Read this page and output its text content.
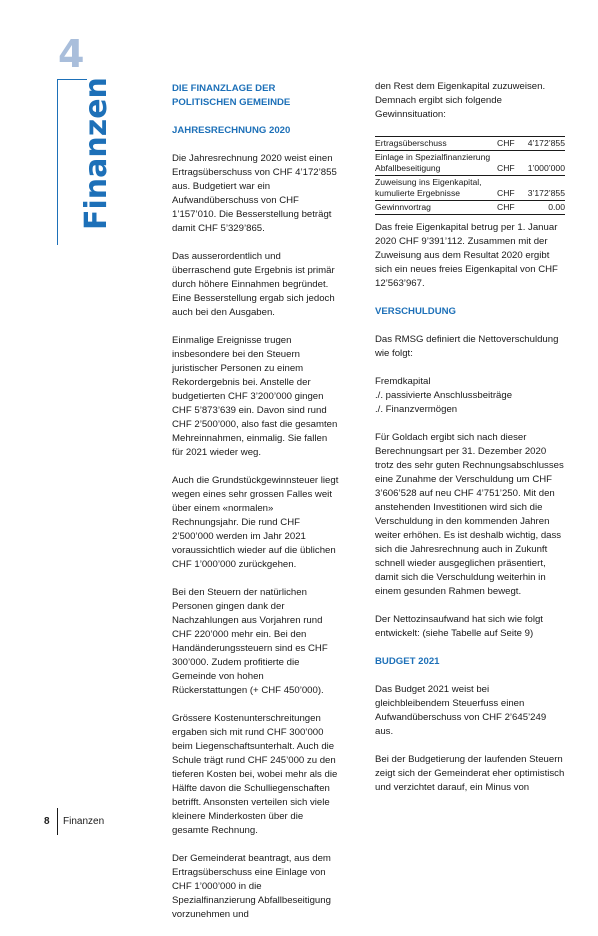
4
Finanzen	DIE FINANZLAGE DER POLITISCHEN GEMEINDE
JAHRESRECHNUNG 2020

Die Jahresrechnung 2020 weist einen Ertragsüberschuss von CHF 4’172’855 aus. Budgetiert war ein Aufwandüberschuss von CHF 1’157’010. Die Besserstellung beträgt damit CHF 5’329’865.

Das ausserordentlich und überraschend gute Ergebnis ist primär durch höhere Einnahmen begründet. Eine Besserstellung ergab sich jedoch auch bei den Ausgaben.

Einmalige Ereignisse trugen insbesondere bei den Steuern juristischer Personen zu einem Rekordergebnis bei. Anstelle der budgetierten CHF 3’200’000 gingen CHF 5’873’639 ein. Davon sind rund CHF 2’500’000, also fast die gesamten Mehreinnahmen, einmalig. Sie fallen für 2021 wieder weg.

Auch die Grundstückgewinnsteuer liegt wegen eines sehr grossen Falles weit über einem «normalen» Rechnungsjahr. Die rund CHF 2’500’000 werden im Jahr 2021 voraussichtlich wieder auf die üblichen CHF 1’000’000 zurückgehen.

Bei den Steuern der natürlichen Personen gingen dank der Nachzahlungen aus Vorjahren rund CHF 220’000 mehr ein. Bei den Handänderungssteuern sind es CHF 300’000. Zudem profitierte die Gemeinde von hohen Rückerstattungen (+ CHF 450’000).

Grössere Kostenunterschreitungen ergaben sich mit rund CHF 300’000 beim Liegenschaftsunterhalt. Auch die Schule trägt rund CHF 245’000 zu den tieferen Kosten bei, wobei mehr als die Hälfte davon die Schulliegenschaften betrifft. Ansonsten verteilen sich viele kleinere Minderkosten über die gesamte Rechnung.

Der Gemeinderat beantragt, aus dem Ertragsüberschuss eine Einlage von CHF 1’000’000 in die Spezialfinanzierung Abfallbeseitigung vorzunehmen und

den Rest dem Eigenkapital zuzuweisen. Demnach ergibt sich folgende Gewinnsituation:

Ertragsüberschuss	CHF	4’172’855
Einlage in Spezialfinanzierung Abfallbeseitigung	CHF	1’000’000
Zuweisung ins Eigenkapital, kumulierte Ergebnisse	CHF	3’172’855
Gewinnvortrag	CHF	0.00

Das freie Eigenkapital betrug per 1. Januar 2020 CHF 9’391’112. Zusammen mit der Zuweisung aus dem Resultat 2020 ergibt sich ein neues freies Eigenkapital von CHF 12’563’967.

VERSCHULDUNG

Das RMSG definiert die Nettoverschuldung wie folgt:

Fremdkapital
./. passivierte Anschlussbeiträge
./. Finanzvermögen

Für Goldach ergibt sich nach dieser Berechnungsart per 31. Dezember 2020 trotz des sehr guten Rechnungsabschlusses eine Zunahme der Verschuldung um CHF 3’606’528 auf neu CHF 4’751’250. Mit den anstehenden Investitionen wird sich die Verschuldung in den kommenden Jahren weiter erhöhen. Es ist deshalb wichtig, dass sich die Jahresrechnung auch in Zukunft schnell wieder ausgeglichen präsentiert, damit sich die Verschuldung weiterhin in einem gesunden Rahmen bewegt.

Der Nettozinsaufwand hat sich wie folgt entwickelt: (siehe Tabelle auf Seite 9)

BUDGET 2021

Das Budget 2021 weist bei gleichbleibendem Steuerfuss einen Aufwandüberschuss von CHF 2’645’249 aus.

Bei der Budgetierung der laufenden Steuern zeigt sich der Gemeinderat eher optimistisch und verzichtet darauf, ein Minus von

8 Finanzen
